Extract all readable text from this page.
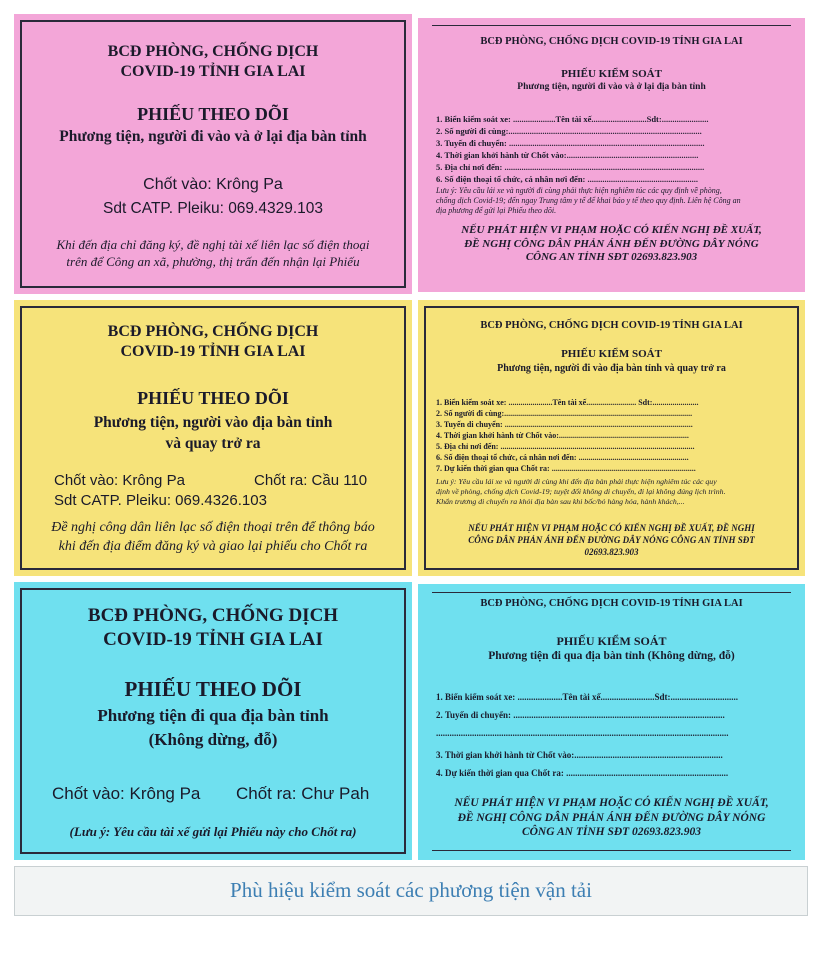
BCĐ PHÒNG, CHỐNG DỊCH
COVID-19 TỈNH GIA LAI
PHIẾU THEO DÕI
Phương tiện, người đi vào và ở lại địa bàn tỉnh
Chốt vào: Krông Pa
Sdt CATP. Pleiku: 069.4329.103
Khi đến địa chỉ đăng ký, đề nghị tài xế liên lạc số điện thoại
trên để Công an xã, phường, thị trấn đến nhận lại Phiếu
BCĐ PHÒNG, CHỐNG DỊCH COVID-19 TỈNH GIA LAI
PHIẾU KIỂM SOÁT
Phương tiện, người đi vào và ở lại địa bàn tỉnh
1. Biển kiểm soát xe: ....................Tên tài xế..........................Sdt:......................
2. Số người đi cùng:...........................................................................................
3. Tuyến đi chuyển: ............................................................................................
4. Thời gian khởi hành từ Chốt vào:..............................................................
5. Địa chỉ nơi đến: ..............................................................................................
6. Số điện thoại tổ chức, cá nhân nơi đến: ....................................................
Lưu ý: Yêu cầu lái xe và người đi cùng phải thực hiện nghiêm túc các quy định về phòng,
chống dịch Covid-19; đến ngay Trung tâm y tế để khai báo y tế theo quy định. Liên hệ Công an
địa phương để gửi lại Phiếu theo dõi.
NẾU PHÁT HIỆN VI PHẠM HOẶC CÓ KIẾN NGHỊ ĐỀ XUẤT,
ĐỀ NGHỊ CÔNG DÂN PHẢN ÁNH ĐẾN ĐƯỜNG DÂY NÓNG
CÔNG AN TỈNH SĐT 02693.823.903
BCĐ PHÒNG, CHỐNG DỊCH
COVID-19 TỈNH GIA LAI
PHIẾU THEO DÕI
Phương tiện, người vào địa bàn tỉnh
và quay trở ra
Chốt vào: Krông Pa	Chốt ra: Cầu 110
Sdt CATP. Pleiku: 069.4326.103
Đề nghị công dân liên lạc số điện thoại trên để thông báo
khi đến địa điểm đăng ký và giao lại phiếu cho Chốt ra
BCĐ PHÒNG, CHỐNG DỊCH COVID-19 TỈNH GIA LAI
PHIẾU KIỂM SOÁT
Phương tiện, người đi vào địa bàn tỉnh và quay trở ra
1. Biển kiểm soát xe: ......................Tên tài xế......................... Sdt:.......................
2. Số người đi cùng:..............................................................................................
3. Tuyến di chuyển: ..............................................................................................
4. Thời gian khởi hành từ Chốt vào:.................................................................
5. Địa chỉ nơi đến: .................................................................................................
6. Số điện thoại tổ chức, cá nhân nơi đến: .......................................................
7. Dự kiến thời gian qua Chốt ra: ........................................................................
Lưu ý: Yêu cầu lái xe và người đi cùng khi đến địa bàn phải thực hiện nghiêm túc các quy
định về phòng, chống dịch Covid-19; tuyệt đối không di chuyển, đi lại không đúng lịch trình.
Khẩn trương di chuyển ra khỏi địa bàn sau khi bốc/bỏ hàng hóa, hành khách,...
NẾU PHÁT HIỆN VI PHẠM HOẶC CÓ KIẾN NGHỊ ĐỀ XUẤT, ĐỀ NGHỊ
CÔNG DÂN PHẢN ÁNH ĐẾN ĐƯỜNG DÂY NÓNG CÔNG AN TỈNH SĐT
02693.823.903
BCĐ PHÒNG, CHỐNG DỊCH
COVID-19 TỈNH GIA LAI
PHIẾU THEO DÕI
Phương tiện đi qua địa bàn tỉnh
(Không dừng, đỗ)
Chốt vào: Krông Pa	Chốt ra: Chư Pah
(Lưu ý: Yêu cầu tài xế gửi lại Phiếu này cho Chốt ra)
BCĐ PHÒNG, CHỐNG DỊCH COVID-19 TỈNH GIA LAI
PHIẾU KIỂM SOÁT
Phương tiện đi qua địa bàn tỉnh (Không dừng, đỗ)
1. Biển kiểm soát xe: ....................Tên tài xế........................Sdt:..............................
2. Tuyến di chuyển: ..............................................................................................
..................................................................................................................................
3. Thời gian khởi hành từ Chốt vào:..................................................................
4. Dự kiến thời gian qua Chốt ra: ........................................................................
NẾU PHÁT HIỆN VI PHẠM HOẶC CÓ KIẾN NGHỊ ĐỀ XUẤT,
ĐỀ NGHỊ CÔNG DÂN PHẢN ÁNH ĐẾN ĐƯỜNG DÂY NÓNG
CÔNG AN TỈNH SĐT 02693.823.903
Phù hiệu kiểm soát các phương tiện vận tải
